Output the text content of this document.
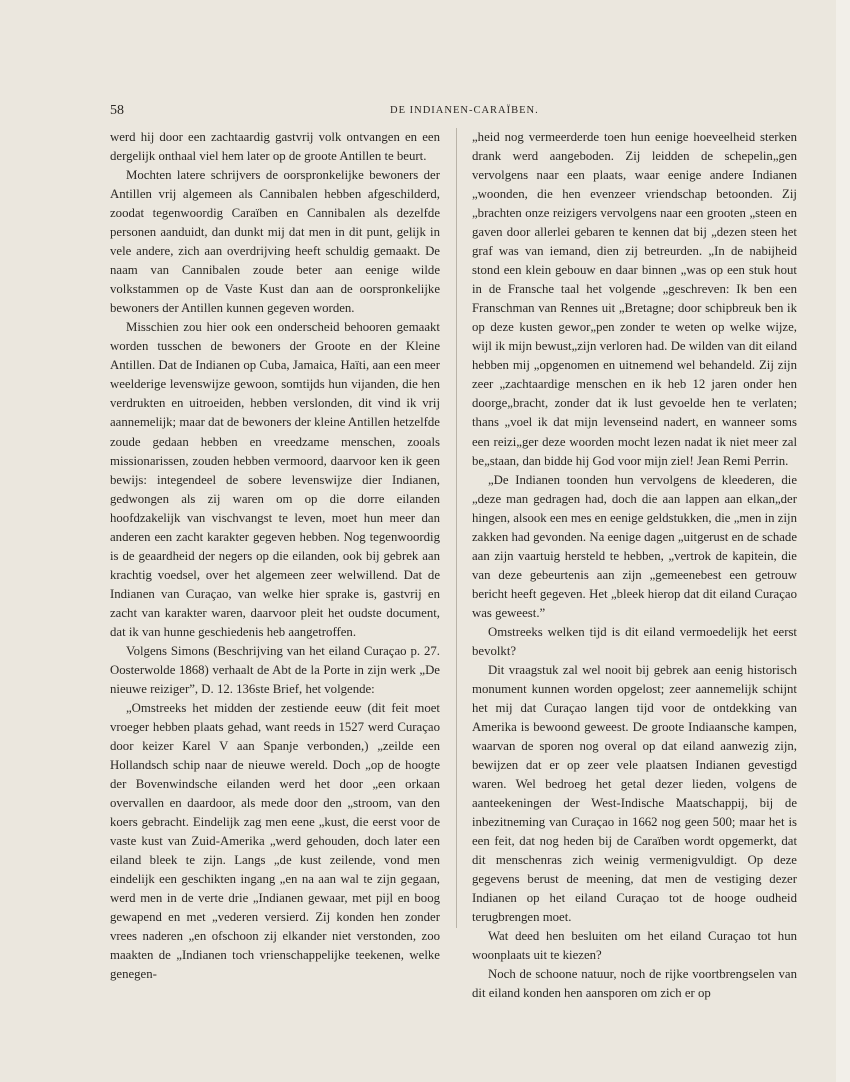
58	DE INDIANEN-CARAÏBEN.

werd hij door een zachtaardig gastvrij volk ontvangen en een dergelijk onthaal viel hem later op de groote Antillen te beurt.

Mochten latere schrijvers de oorspronkelijke bewoners der Antillen vrij algemeen als Cannibalen hebben afgeschilderd, zoodat tegenwoordig Caraïben en Cannibalen als dezelfde personen aanduidt, dan dunkt mij dat men in dit punt, gelijk in vele andere, zich aan overdrijving heeft schuldig gemaakt. De naam van Cannibalen zoude beter aan eenige wilde volkstammen op de Vaste Kust dan aan de oorspronkelijke bewoners der Antillen kunnen gegeven worden.

Misschien zou hier ook een onderscheid behooren gemaakt worden tusschen de bewoners der Groote en der Kleine Antillen. Dat de Indianen op Cuba, Jamaica, Haïti, aan een meer weelderige levenswijze gewoon, somtijds hun vijanden, die hen verdrukten en uitroeiden, hebben verslonden, dit vind ik vrij aannemelijk; maar dat de bewoners der kleine Antillen hetzelfde zoude gedaan hebben en vreedzame menschen, zooals missionarissen, zouden hebben vermoord, daarvoor ken ik geen bewijs: integendeel de sobere levenswijze dier Indianen, gedwongen als zij waren om op die dorre eilanden hoofdzakelijk van vischvangst te leven, moet hun meer dan anderen een zacht karakter gegeven hebben. Nog tegenwoordig is de geaardheid der negers op die eilanden, ook bij gebrek aan krachtig voedsel, over het algemeen zeer welwillend. Dat de Indianen van Curaçao, van welke hier sprake is, gastvrij en zacht van karakter waren, daarvoor pleit het oudste document, dat ik van hunne geschiedenis heb aangetroffen.

Volgens Simons (Beschrijving van het eiland Curaçao p. 27. Oosterwolde 1868) verhaalt de Abt de la Porte in zijn werk „De nieuwe reiziger”, D. 12. 136ste Brief, het volgende:

„Omstreeks het midden der zestiende eeuw (dit feit moet vroeger hebben plaats gehad, want reeds in 1527 werd Curaçao door keizer Karel V aan Spanje verbonden,) „zeilde een Hollandsch schip naar de nieuwe wereld. Doch „op de hoogte der Bovenwindsche eilanden werd het door „een orkaan overvallen en daardoor, als mede door den „stroom, van den koers gebracht. Eindelijk zag men eene „kust, die eerst voor de vaste kust van Zuid-Amerika „werd gehouden, doch later een eiland bleek te zijn. Langs „de kust zeilende, vond men eindelijk een geschikten ingang „en na aan wal te zijn gegaan, werd men in de verte drie „Indianen gewaar, met pijl en boog gewapend en met „vederen versierd. Zij konden hen zonder vrees naderen „en ofschoon zij elkander niet verstonden, zoo maakten de „Indianen toch vrienschappelijke teekenen, welke genegen-

„heid nog vermeerderde toen hun eenige hoeveelheid sterken drank werd aangeboden. Zij leidden de schepelin„gen vervolgens naar een plaats, waar eenige andere Indianen „woonden, die hen evenzeer vriendschap betoonden. Zij „brachten onze reizigers vervolgens naar een grooten „steen en gaven door allerlei gebaren te kennen dat bij „dezen steen het graf was van iemand, dien zij betreurden. „In de nabijheid stond een klein gebouw en daar binnen „was op een stuk hout in de Fransche taal het volgende „geschreven: Ik ben een Franschman van Rennes uit „Bretagne; door schipbreuk ben ik op deze kusten gewor„pen zonder te weten op welke wijze, wijl ik mijn bewust„zijn verloren had. De wilden van dit eiland hebben mij „opgenomen en uitnemend wel behandeld. Zij zijn zeer „zachtaardige menschen en ik heb 12 jaren onder hen doorge„bracht, zonder dat ik lust gevoelde hen te verlaten; thans „voel ik dat mijn levenseind nadert, en wanneer soms een reizi„ger deze woorden mocht lezen nadat ik niet meer zal be„staan, dan bidde hij God voor mijn ziel! Jean Remi Perrin.

„De Indianen toonden hun vervolgens de kleederen, die „deze man gedragen had, doch die aan lappen aan elkan„der hingen, alsook een mes en eenige geldstukken, die „men in zijn zakken had gevonden. Na eenige dagen „uitgerust en de schade aan zijn vaartuig hersteld te hebben, „vertrok de kapitein, die van deze gebeurtenis aan zijn „gemeenebest een getrouw bericht heeft gegeven. Het „bleek hierop dat dit eiland Curaçao was geweest.”

Omstreeks welken tijd is dit eiland vermoedelijk het eerst bevolkt?

Dit vraagstuk zal wel nooit bij gebrek aan eenig historisch monument kunnen worden opgelost; zeer aannemelijk schijnt het mij dat Curaçao langen tijd voor de ontdekking van Amerika is bewoond geweest. De groote Indiaansche kampen, waarvan de sporen nog overal op dat eiland aanwezig zijn, bewijzen dat er op zeer vele plaatsen Indianen gevestigd waren. Wel bedroeg het getal dezer lieden, volgens de aanteekeningen der West-Indische Maatschappij, bij de inbezitneming van Curaçao in 1662 nog geen 500; maar het is een feit, dat nog heden bij de Caraïben wordt opgemerkt, dat dit menschenras zich weinig vermenigvuldigt. Op deze gegevens berust de meening, dat men de vestiging dezer Indianen op het eiland Curaçao tot de hooge oudheid terugbrengen moet.

Wat deed hen besluiten om het eiland Curaçao tot hun woonplaats uit te kiezen?

Noch de schoone natuur, noch de rijke voortbrengselen van dit eiland konden hen aansporen om zich er op
